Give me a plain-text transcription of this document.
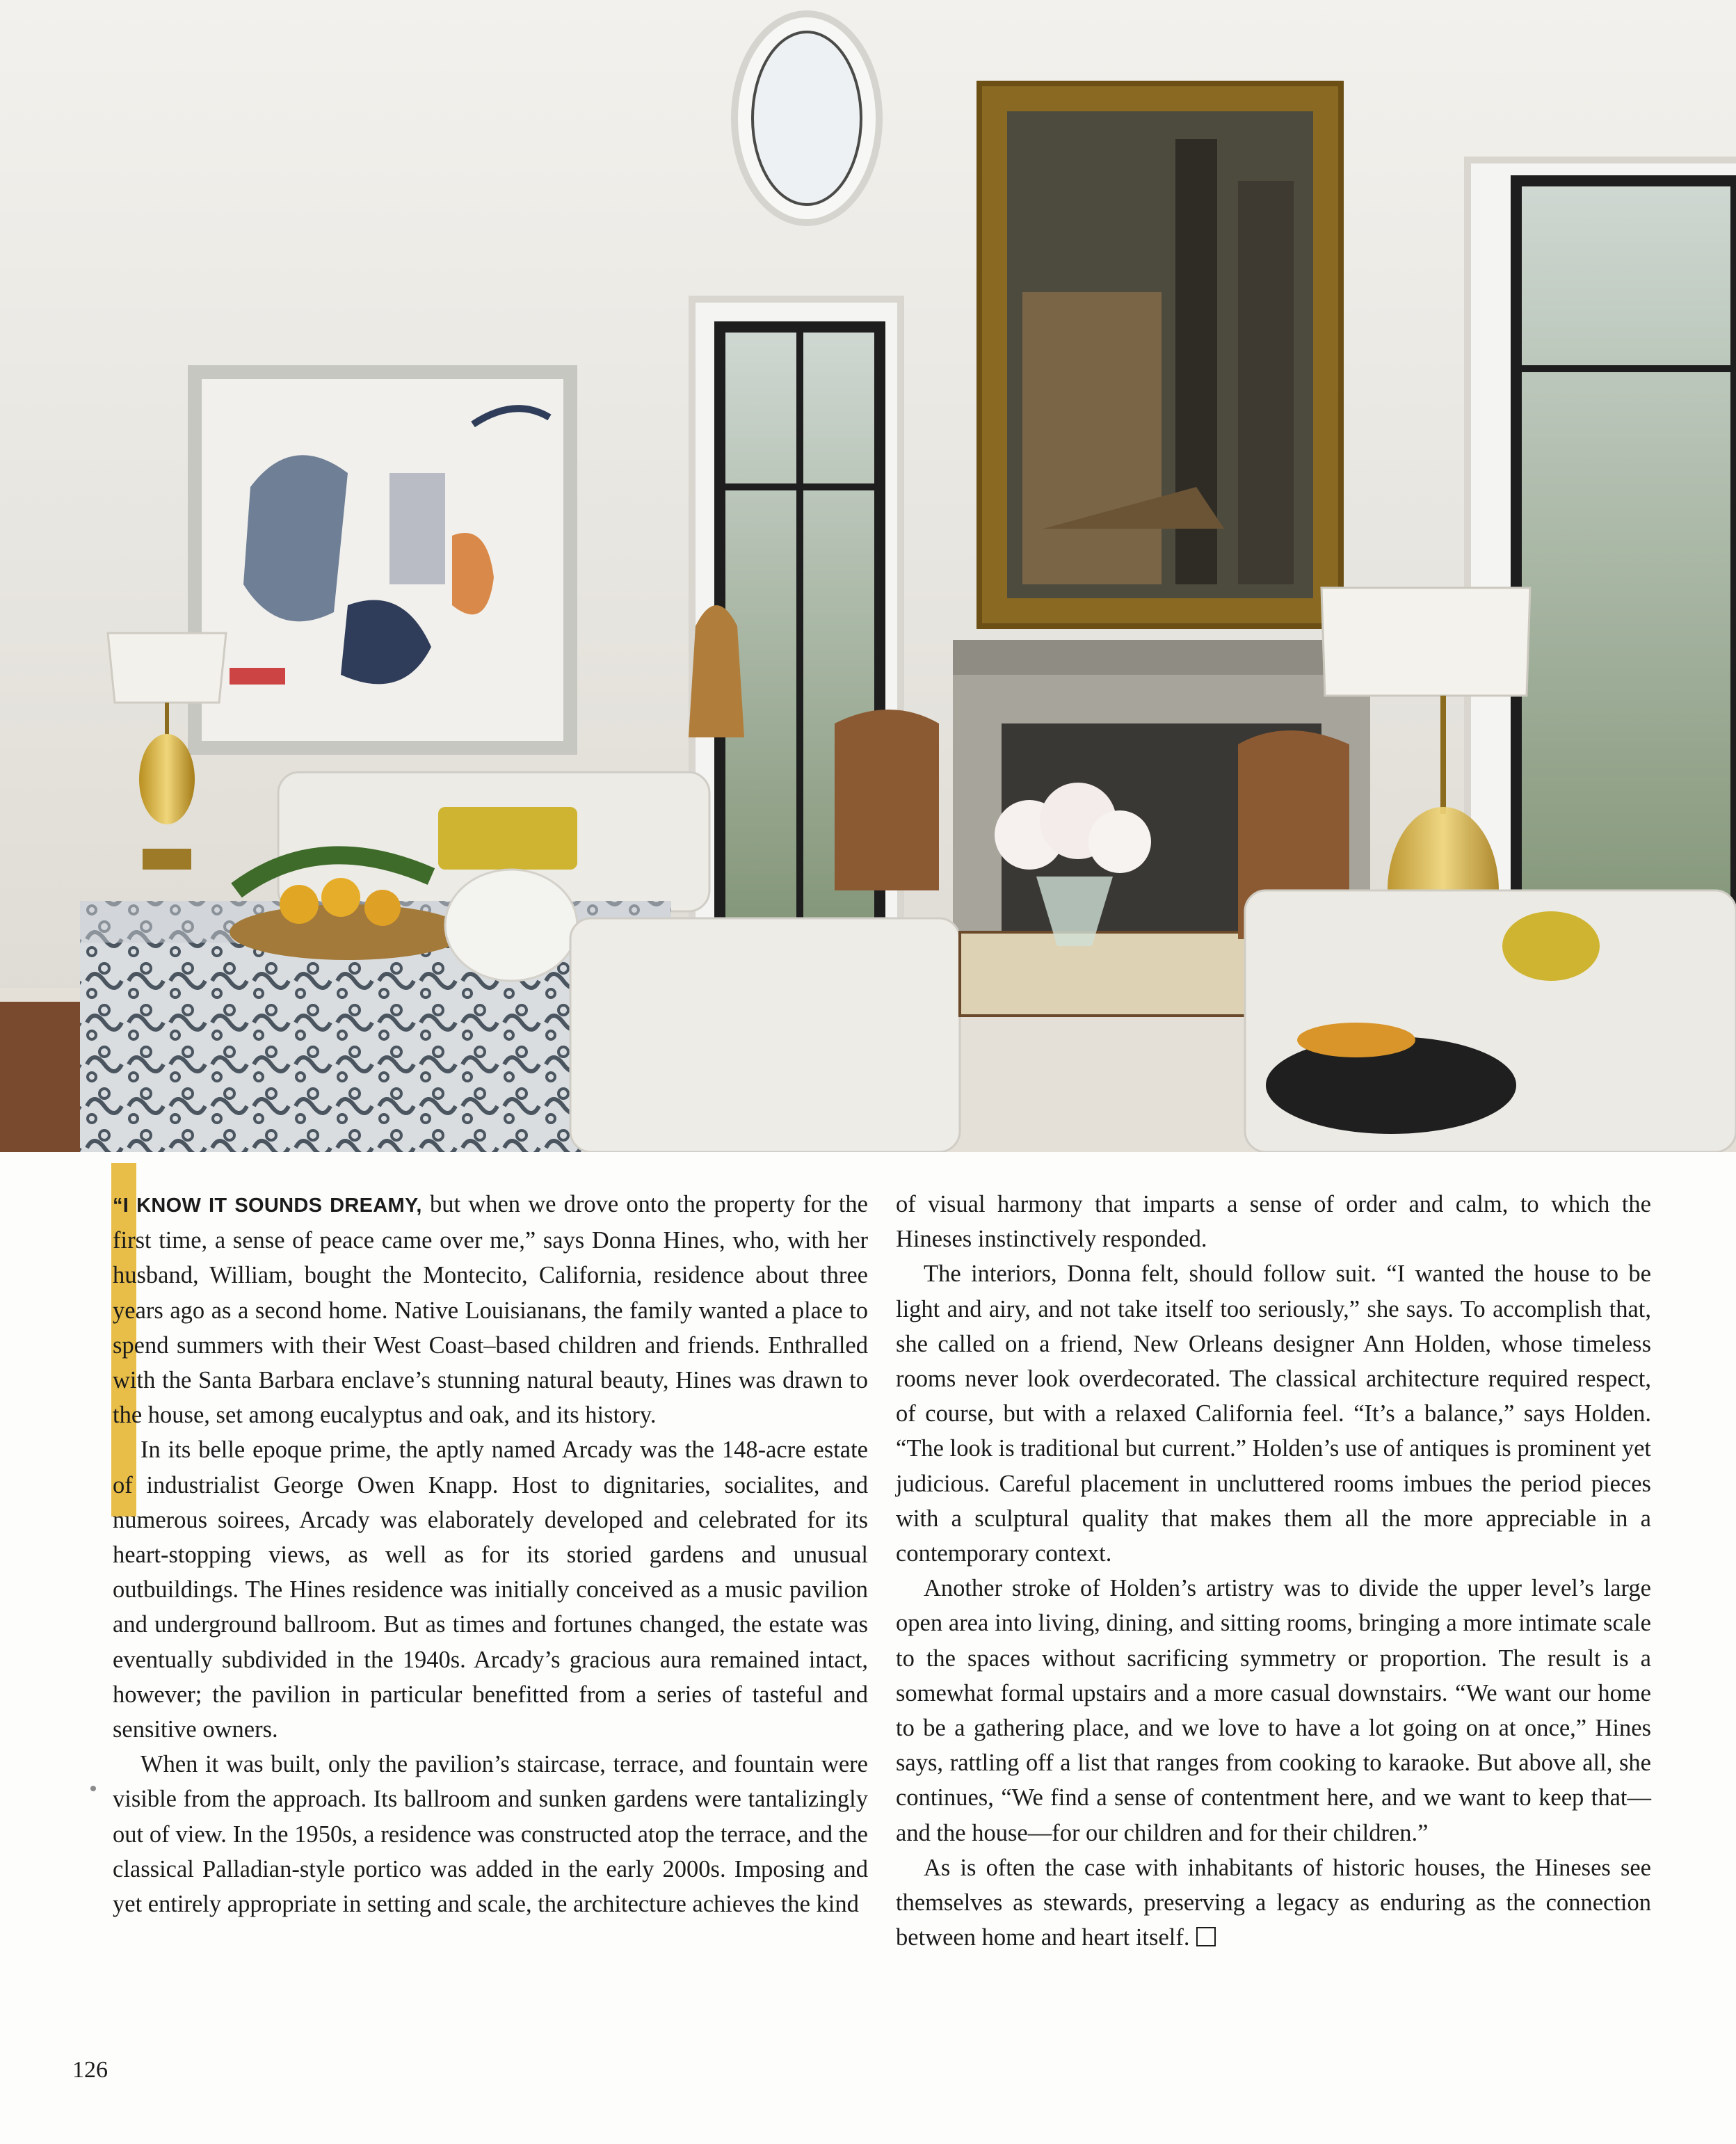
“I KNOW IT SOUNDS DREAMY, but when we drove onto the property for the first time, a sense of peace came over me,” says Donna Hines, who, with her husband, William, bought the Montecito, California, residence about three years ago as a second home. Native Louisianans, the family wanted a place to spend summers with their West Coast–based children and friends. Enthralled with the Santa Barbara enclave’s stunning natural beauty, Hines was drawn to the house, set among eucalyptus and oak, and its history.

In its belle epoque prime, the aptly named Arcady was the 148-acre estate of industrialist George Owen Knapp. Host to dignitaries, socialites, and numerous soirees, Arcady was elaborately developed and celebrated for its heart-stopping views, as well as for its storied gardens and unusual outbuildings. The Hines residence was initially conceived as a music pavilion and underground ballroom. But as times and fortunes changed, the estate was eventually subdivided in the 1940s. Arcady’s gracious aura remained intact, however; the pavilion in particular benefitted from a series of tasteful and sensitive owners.

When it was built, only the pavilion’s staircase, terrace, and fountain were visible from the approach. Its ballroom and sunken gardens were tantalizingly out of view. In the 1950s, a residence was constructed atop the terrace, and the classical Palladian-style portico was added in the early 2000s. Imposing and yet entirely appropriate in setting and scale, the architecture achieves the kind

of visual harmony that imparts a sense of order and calm, to which the Hineses instinctively responded.

The interiors, Donna felt, should follow suit. “I wanted the house to be light and airy, and not take itself too seriously,” she says. To accomplish that, she called on a friend, New Orleans designer Ann Holden, whose timeless rooms never look overdecorated. The classical architecture required respect, of course, but with a relaxed California feel. “It’s a balance,” says Holden. “The look is traditional but current.” Holden’s use of antiques is prominent yet judicious. Careful placement in uncluttered rooms imbues the period pieces with a sculptural quality that makes them all the more appreciable in a contemporary context.

Another stroke of Holden’s artistry was to divide the upper level’s large open area into living, dining, and sitting rooms, bringing a more intimate scale to the spaces without sacrificing symmetry or proportion. The result is a somewhat formal upstairs and a more casual downstairs. “We want our home to be a gathering place, and we love to have a lot going on at once,” Hines says, rattling off a list that ranges from cooking to karaoke. But above all, she continues, “We find a sense of contentment here, and we want to keep that—and the house—for our children and for their children.”

As is often the case with inhabitants of historic houses, the Hineses see themselves as stewards, preserving a legacy as enduring as the connection between home and heart itself.

126
